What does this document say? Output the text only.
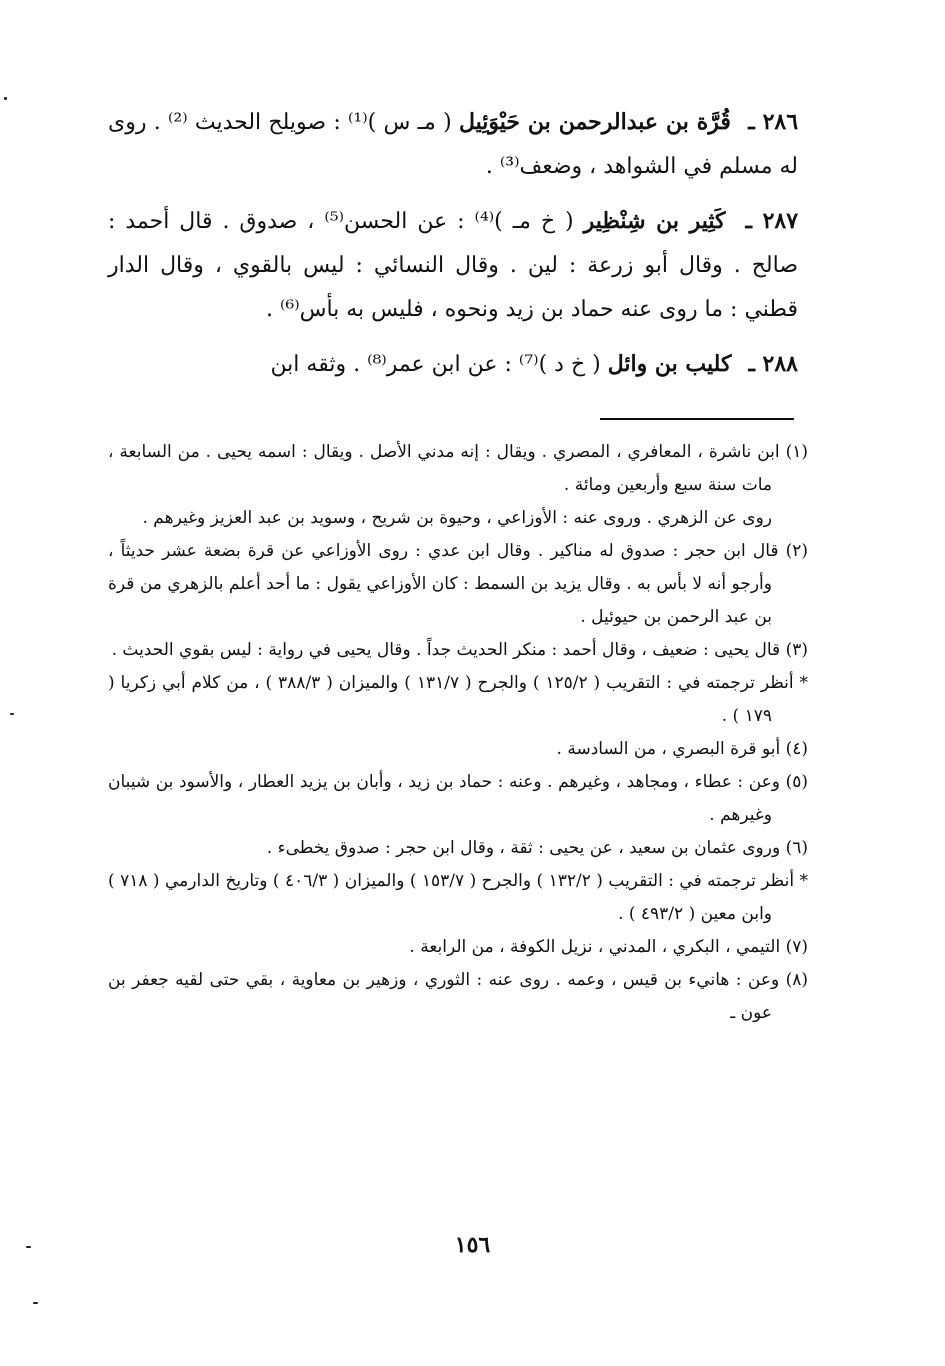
٢٨٦ ـ قُرَّة بن عبدالرحمن بن حَيْوَئِيل ( مـ س )⁽¹⁾ : صويلح الحديث ⁽²⁾ . روى له مسلم في الشواهد ، وضعف⁽³⁾ .

٢٨٧ ـ كَثِير بن شِنْظِير ( خ مـ )⁽⁴⁾ : عن الحسن⁽⁵⁾ ، صدوق . قال أحمد : صالح . وقال أبو زرعة : لين . وقال النسائي : ليس بالقوي ، وقال الدار قطني : ما روى عنه حماد بن زيد ونحوه ، فليس به بأس⁽⁶⁾ .

٢٨٨ ـ كليب بن وائل ( خ د )⁽⁷⁾ : عن ابن عمر⁽⁸⁾ . وثقه ابن

(١) ابن ناشرة ، المعافري ، المصري . ويقال : إنه مدني الأصل . ويقال : اسمه يحيى . من السابعة ، مات سنة سبع وأربعين ومائة .

روى عن الزهري . وروى عنه : الأوزاعي ، وحيوة بن شريح ، وسويد بن عبد العزيز وغيرهم .

(٢) قال ابن حجر : صدوق له مناكير . وقال ابن عدي : روى الأوزاعي عن قرة بضعة عشر حديثاً ، وأرجو أنه لا بأس به . وقال يزيد بن السمط : كان الأوزاعي يقول : ما أحد أعلم بالزهري من قرة بن عبد الرحمن بن حيوئيل .

(٣) قال يحيى : ضعيف ، وقال أحمد : منكر الحديث جداً . وقال يحيى في رواية : ليس بقوي الحديث .

* أنظر ترجمته في : التقريب ( ١٢٥/٢ ) والجرح ( ١٣١/٧ ) والميزان ( ٣٨٨/٣ ) ، من كلام أبي زكريا ( ١٧٩ ) .

(٤) أبو قرة البصري ، من السادسة .

(٥) وعن : عطاء ، ومجاهد ، وغيرهم . وعنه : حماد بن زيد ، وأبان بن يزيد العطار ، والأسود بن شيبان وغيرهم .

(٦) وروى عثمان بن سعيد ، عن يحيى : ثقة ، وقال ابن حجر : صدوق يخطىء .

* أنظر ترجمته في : التقريب ( ١٣٢/٢ ) والجرح ( ١٥٣/٧ ) والميزان ( ٤٠٦/٣ ) وتاريخ الدارمي ( ٧١٨ ) وابن معين ( ٤٩٣/٢ ) .

(٧) التيمي ، البكري ، المدني ، نزيل الكوفة ، من الرابعة .

(٨) وعن : هانيء بن قيس ، وعمه . روى عنه : الثوري ، وزهير بن معاوية ، بقي حتى لقيه جعفر بن عون ـ

١٥٦
